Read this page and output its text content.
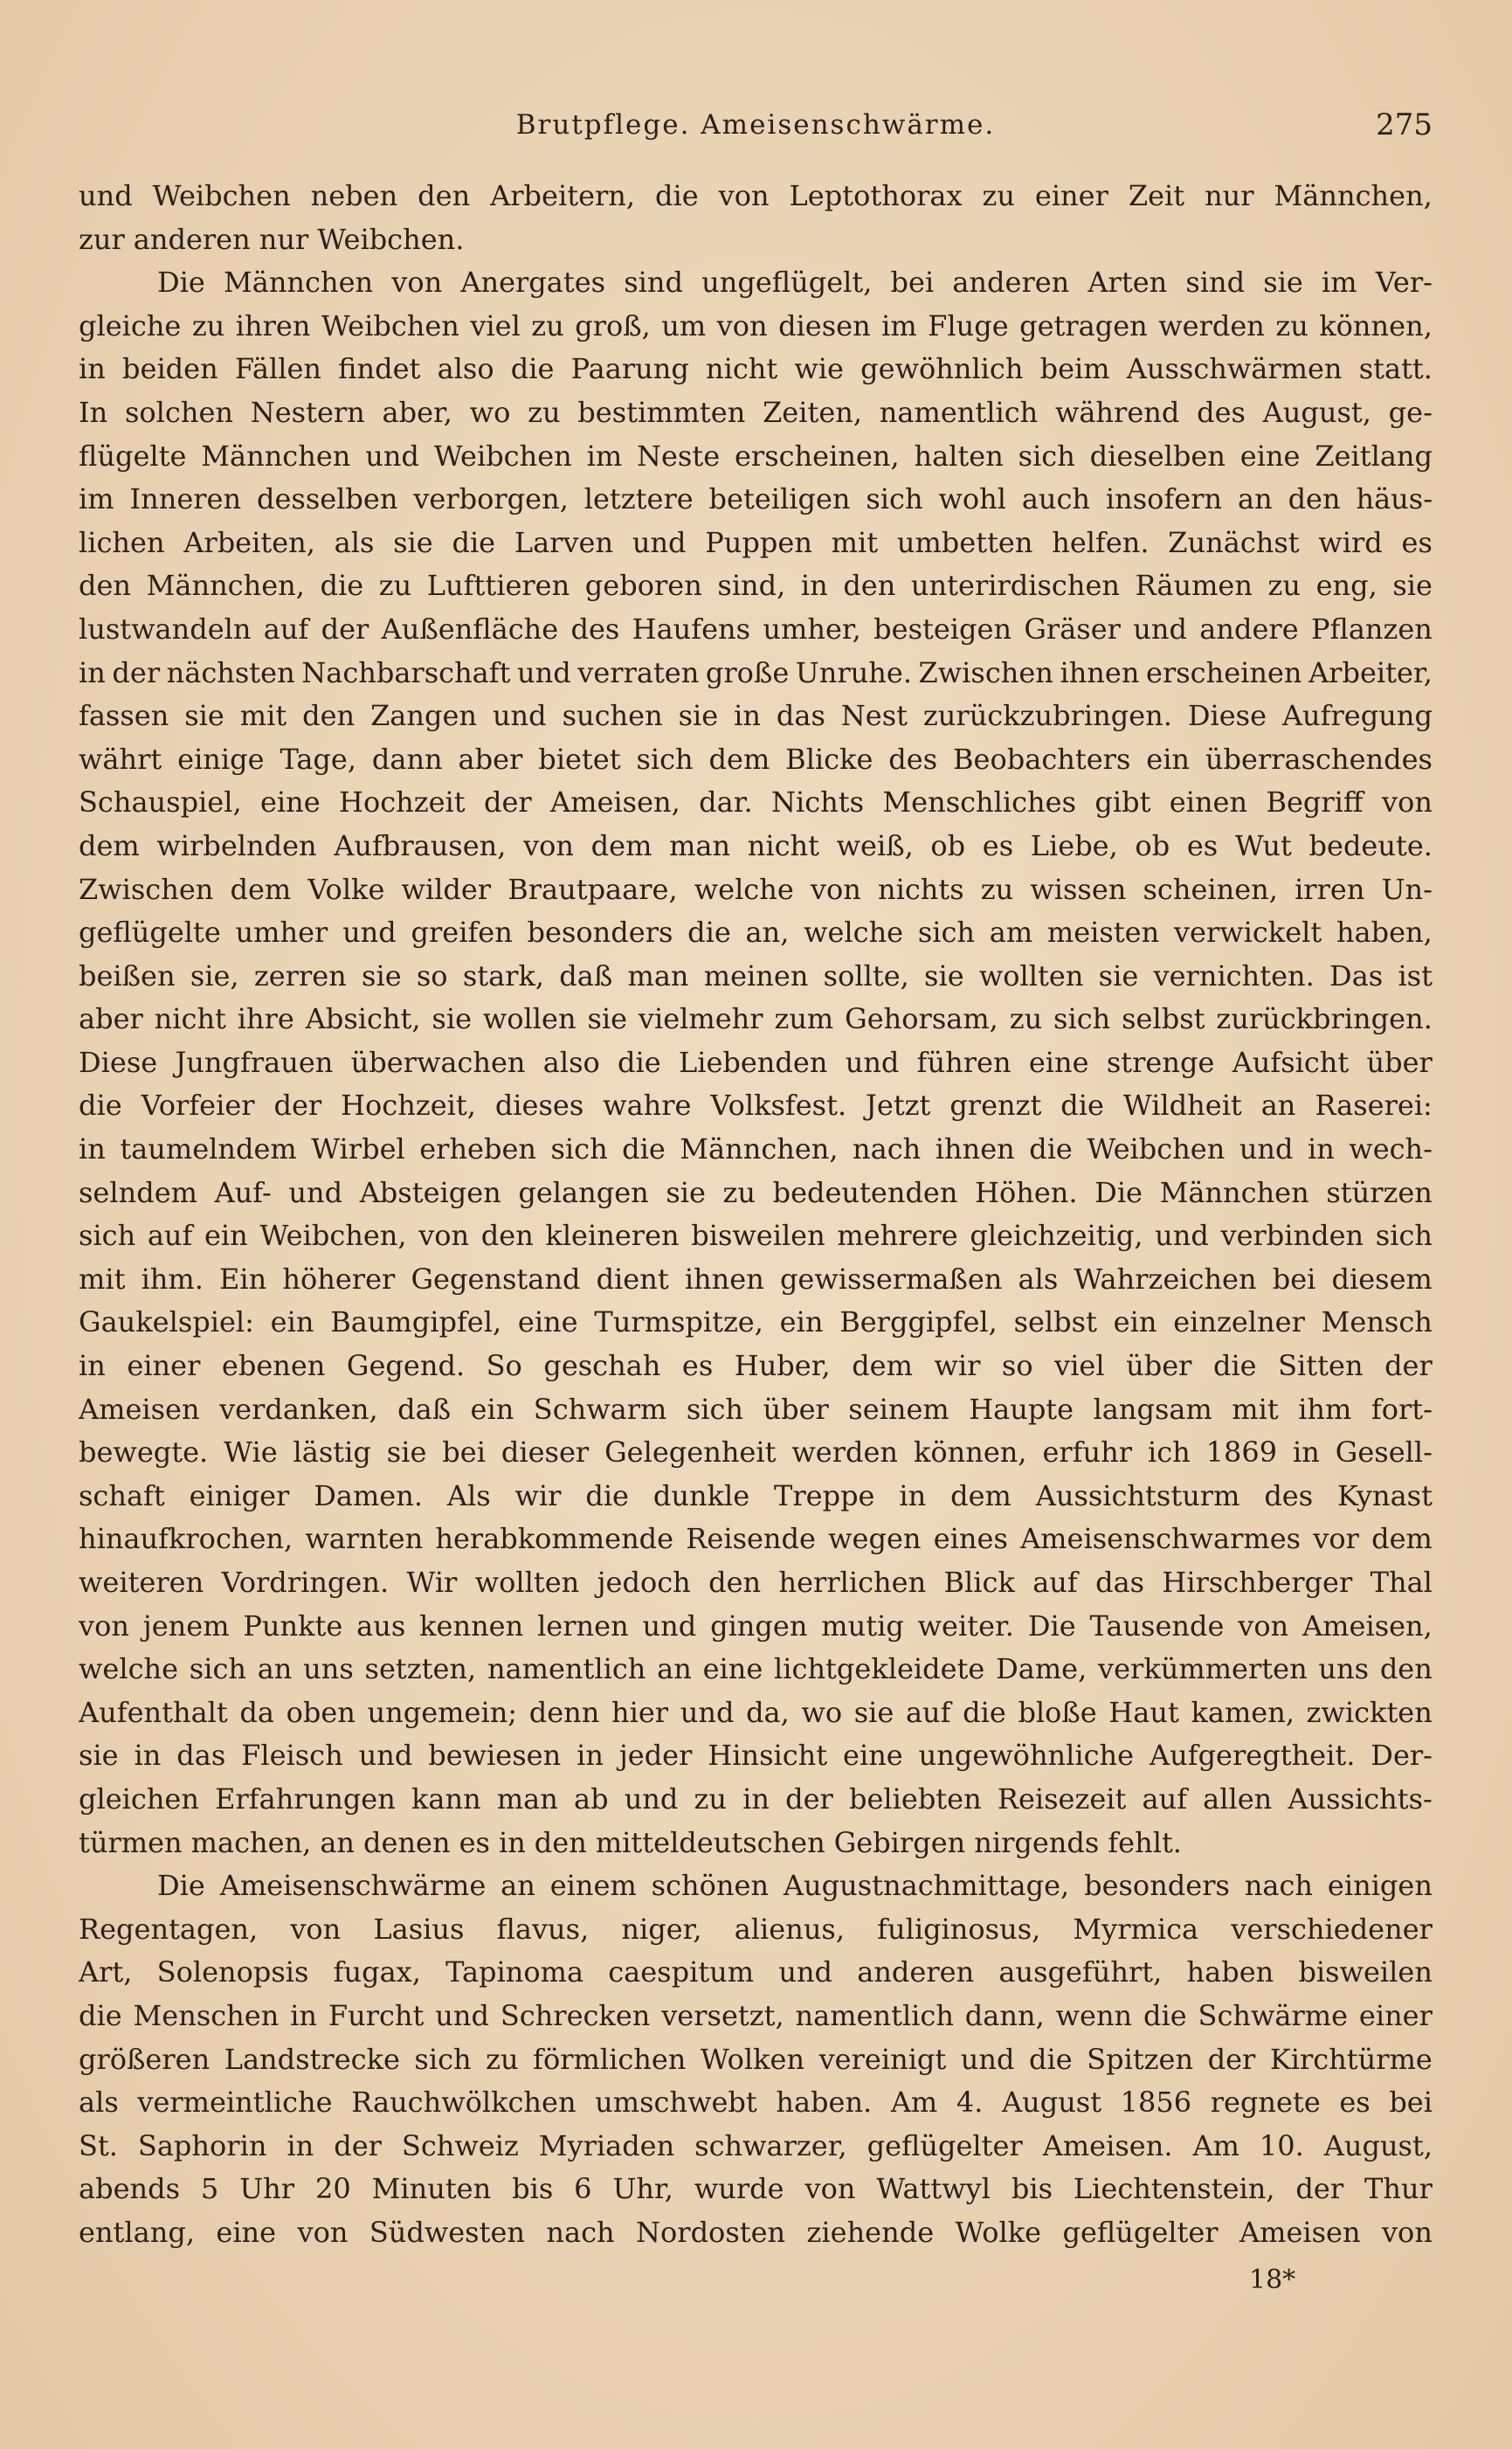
Brutpflege. Ameisenschwärme.	275
und Weibchen neben den Arbeitern, die von Leptothorax zu einer Zeit nur Männchen,
zur anderen nur Weibchen.
Die Männchen von Anergates sind ungeflügelt, bei anderen Arten sind sie im Ver-
gleiche zu ihren Weibchen viel zu groß, um von diesen im Fluge getragen werden zu können,
in beiden Fällen findet also die Paarung nicht wie gewöhnlich beim Ausschwärmen statt.
In solchen Nestern aber, wo zu bestimmten Zeiten, namentlich während des August, ge-
flügelte Männchen und Weibchen im Neste erscheinen, halten sich dieselben eine Zeitlang
im Inneren desselben verborgen, letztere beteiligen sich wohl auch insofern an den häus-
lichen Arbeiten, als sie die Larven und Puppen mit umbetten helfen. Zunächst wird es
den Männchen, die zu Lufttieren geboren sind, in den unterirdischen Räumen zu eng, sie
lustwandeln auf der Außenfläche des Haufens umher, besteigen Gräser und andere Pflanzen
in der nächsten Nachbarschaft und verraten große Unruhe. Zwischen ihnen erscheinen Arbeiter,
fassen sie mit den Zangen und suchen sie in das Nest zurückzubringen. Diese Aufregung
währt einige Tage, dann aber bietet sich dem Blicke des Beobachters ein überraschendes
Schauspiel, eine Hochzeit der Ameisen, dar. Nichts Menschliches gibt einen Begriff von
dem wirbelnden Aufbrausen, von dem man nicht weiß, ob es Liebe, ob es Wut bedeute.
Zwischen dem Volke wilder Brautpaare, welche von nichts zu wissen scheinen, irren Un-
geflügelte umher und greifen besonders die an, welche sich am meisten verwickelt haben,
beißen sie, zerren sie so stark, daß man meinen sollte, sie wollten sie vernichten. Das ist
aber nicht ihre Absicht, sie wollen sie vielmehr zum Gehorsam, zu sich selbst zurückbringen.
Diese Jungfrauen überwachen also die Liebenden und führen eine strenge Aufsicht über
die Vorfeier der Hochzeit, dieses wahre Volksfest. Jetzt grenzt die Wildheit an Raserei:
in taumelndem Wirbel erheben sich die Männchen, nach ihnen die Weibchen und in wech-
selndem Auf- und Absteigen gelangen sie zu bedeutenden Höhen. Die Männchen stürzen
sich auf ein Weibchen, von den kleineren bisweilen mehrere gleichzeitig, und verbinden sich
mit ihm. Ein höherer Gegenstand dient ihnen gewissermaßen als Wahrzeichen bei diesem
Gaukelspiel: ein Baumgipfel, eine Turmspitze, ein Berggipfel, selbst ein einzelner Mensch
in einer ebenen Gegend. So geschah es Huber, dem wir so viel über die Sitten der
Ameisen verdanken, daß ein Schwarm sich über seinem Haupte langsam mit ihm fort-
bewegte. Wie lästig sie bei dieser Gelegenheit werden können, erfuhr ich 1869 in Gesell-
schaft einiger Damen. Als wir die dunkle Treppe in dem Aussichtsturm des Kynast
hinaufkrochen, warnten herabkommende Reisende wegen eines Ameisenschwarmes vor dem
weiteren Vordringen. Wir wollten jedoch den herrlichen Blick auf das Hirschberger Thal
von jenem Punkte aus kennen lernen und gingen mutig weiter. Die Tausende von Ameisen,
welche sich an uns setzten, namentlich an eine lichtgekleidete Dame, verkümmerten uns den
Aufenthalt da oben ungemein; denn hier und da, wo sie auf die bloße Haut kamen, zwickten
sie in das Fleisch und bewiesen in jeder Hinsicht eine ungewöhnliche Aufgeregtheit. Der-
gleichen Erfahrungen kann man ab und zu in der beliebten Reisezeit auf allen Aussichts-
türmen machen, an denen es in den mitteldeutschen Gebirgen nirgends fehlt.
Die Ameisenschwärme an einem schönen Augustnachmittage, besonders nach einigen
Regentagen, von Lasius flavus, niger, alienus, fuliginosus, Myrmica verschiedener
Art, Solenopsis fugax, Tapinoma caespitum und anderen ausgeführt, haben bisweilen
die Menschen in Furcht und Schrecken versetzt, namentlich dann, wenn die Schwärme einer
größeren Landstrecke sich zu förmlichen Wolken vereinigt und die Spitzen der Kirchtürme
als vermeintliche Rauchwölkchen umschwebt haben. Am 4. August 1856 regnete es bei
St. Saphorin in der Schweiz Myriaden schwarzer, geflügelter Ameisen. Am 10. August,
abends 5 Uhr 20 Minuten bis 6 Uhr, wurde von Wattwyl bis Liechtenstein, der Thur
entlang, eine von Südwesten nach Nordosten ziehende Wolke geflügelter Ameisen von
18*
